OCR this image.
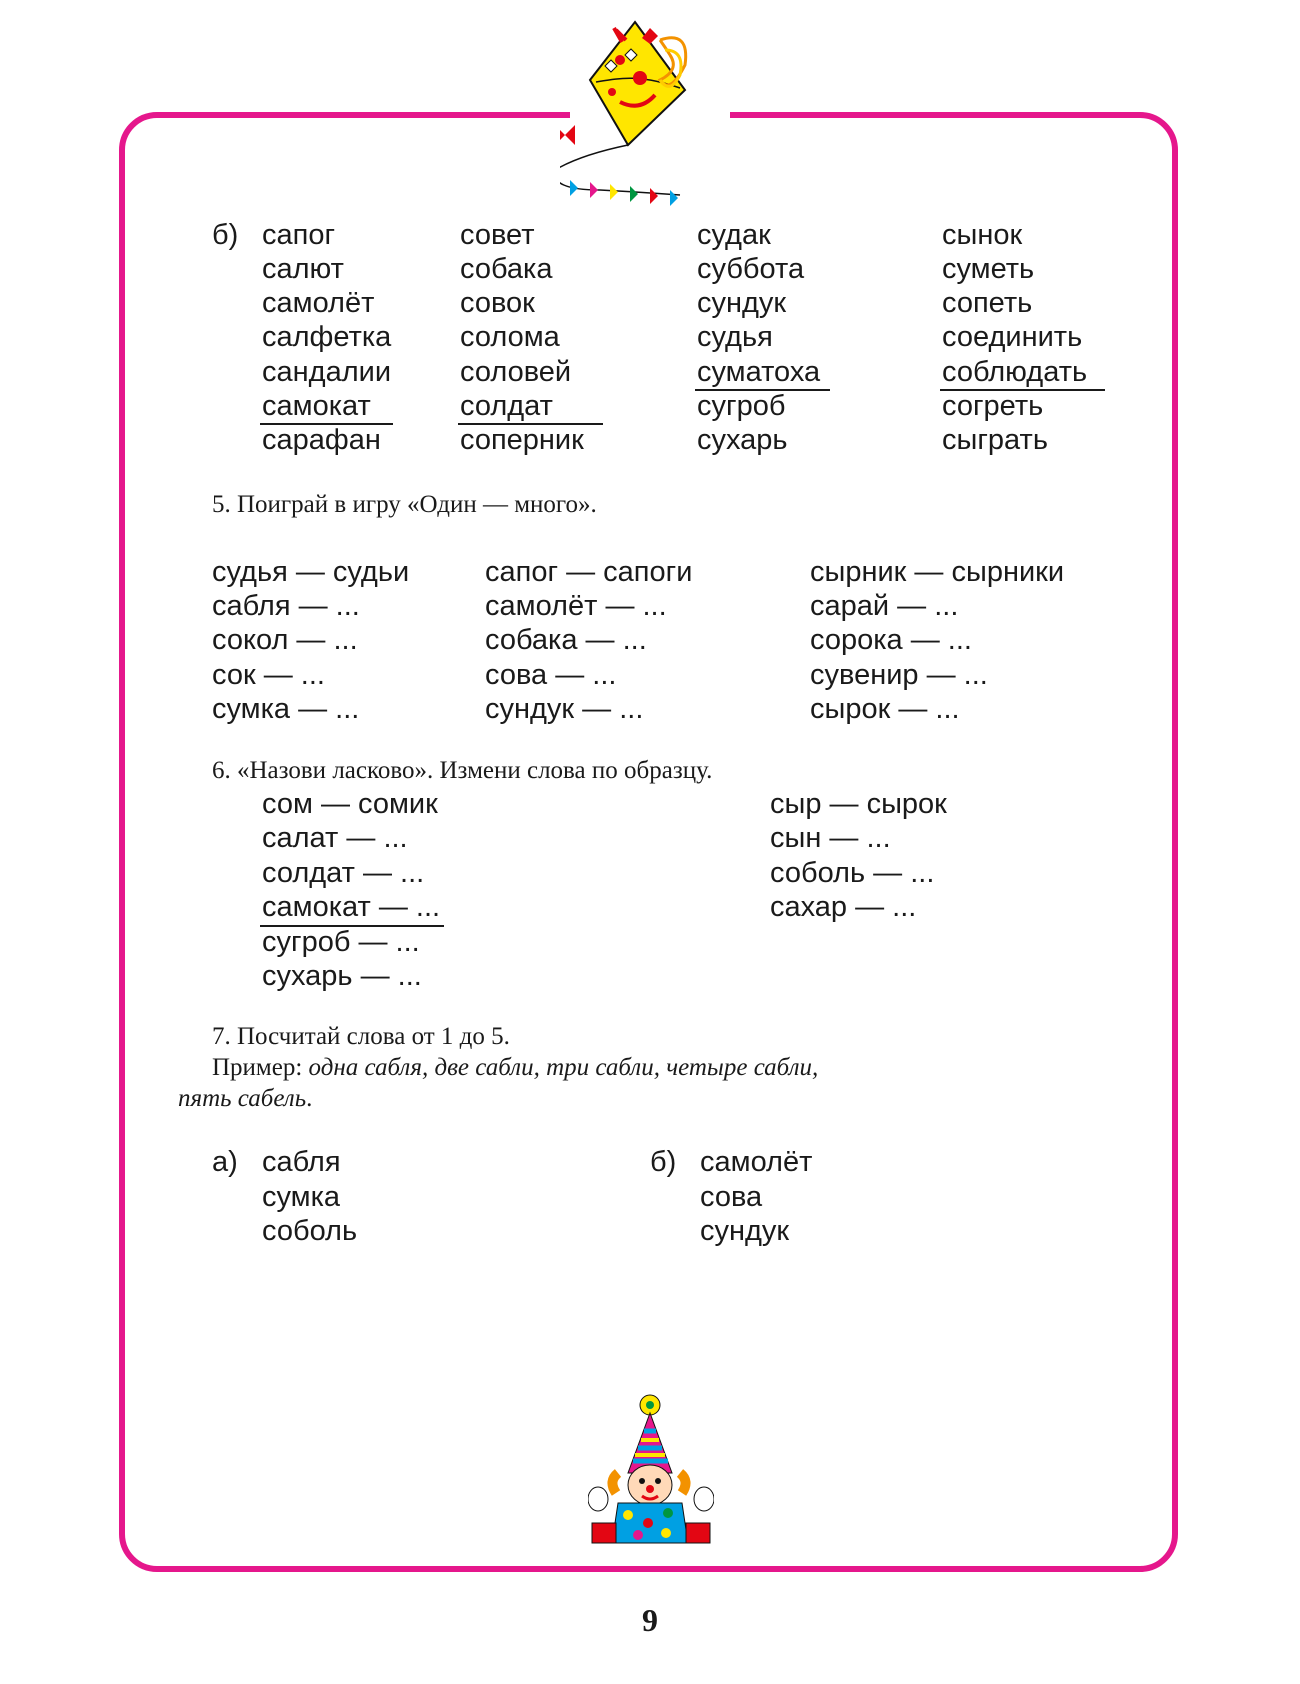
б) сапог
салют
самолёт
салфетка
сандалии
самокат
сарафан
совет
собака
совок
солома
соловей
солдат
соперник
судак
суббота
сундук
судья
суматоха
сугроб
сухарь
сынок
суметь
сопеть
соединить
соблюдать
согреть
сыграть
5. Поиграй в игру «Один — много».
судья — судьи
сабля — ...
сокол — ...
сок — ...
сумка — ...
сапог — сапоги
самолёт — ...
собака — ...
сова — ...
сундук — ...
сырник — сырники
сарай — ...
сорока — ...
сувенир — ...
сырок — ...
6. «Назови ласково». Измени слова по образцу.
сом — сомик
салат — ...
солдат — ...
самокат — ...
сугроб — ...
сухарь — ...
сыр — сырок
сын — ...
соболь — ...
сахар — ...
7. Посчитай слова от 1 до 5.
Пример: одна сабля, две сабли, три сабли, четыре сабли,
пять сабель.
а) сабля
сумка
соболь
б) самолёт
сова
сундук
9
